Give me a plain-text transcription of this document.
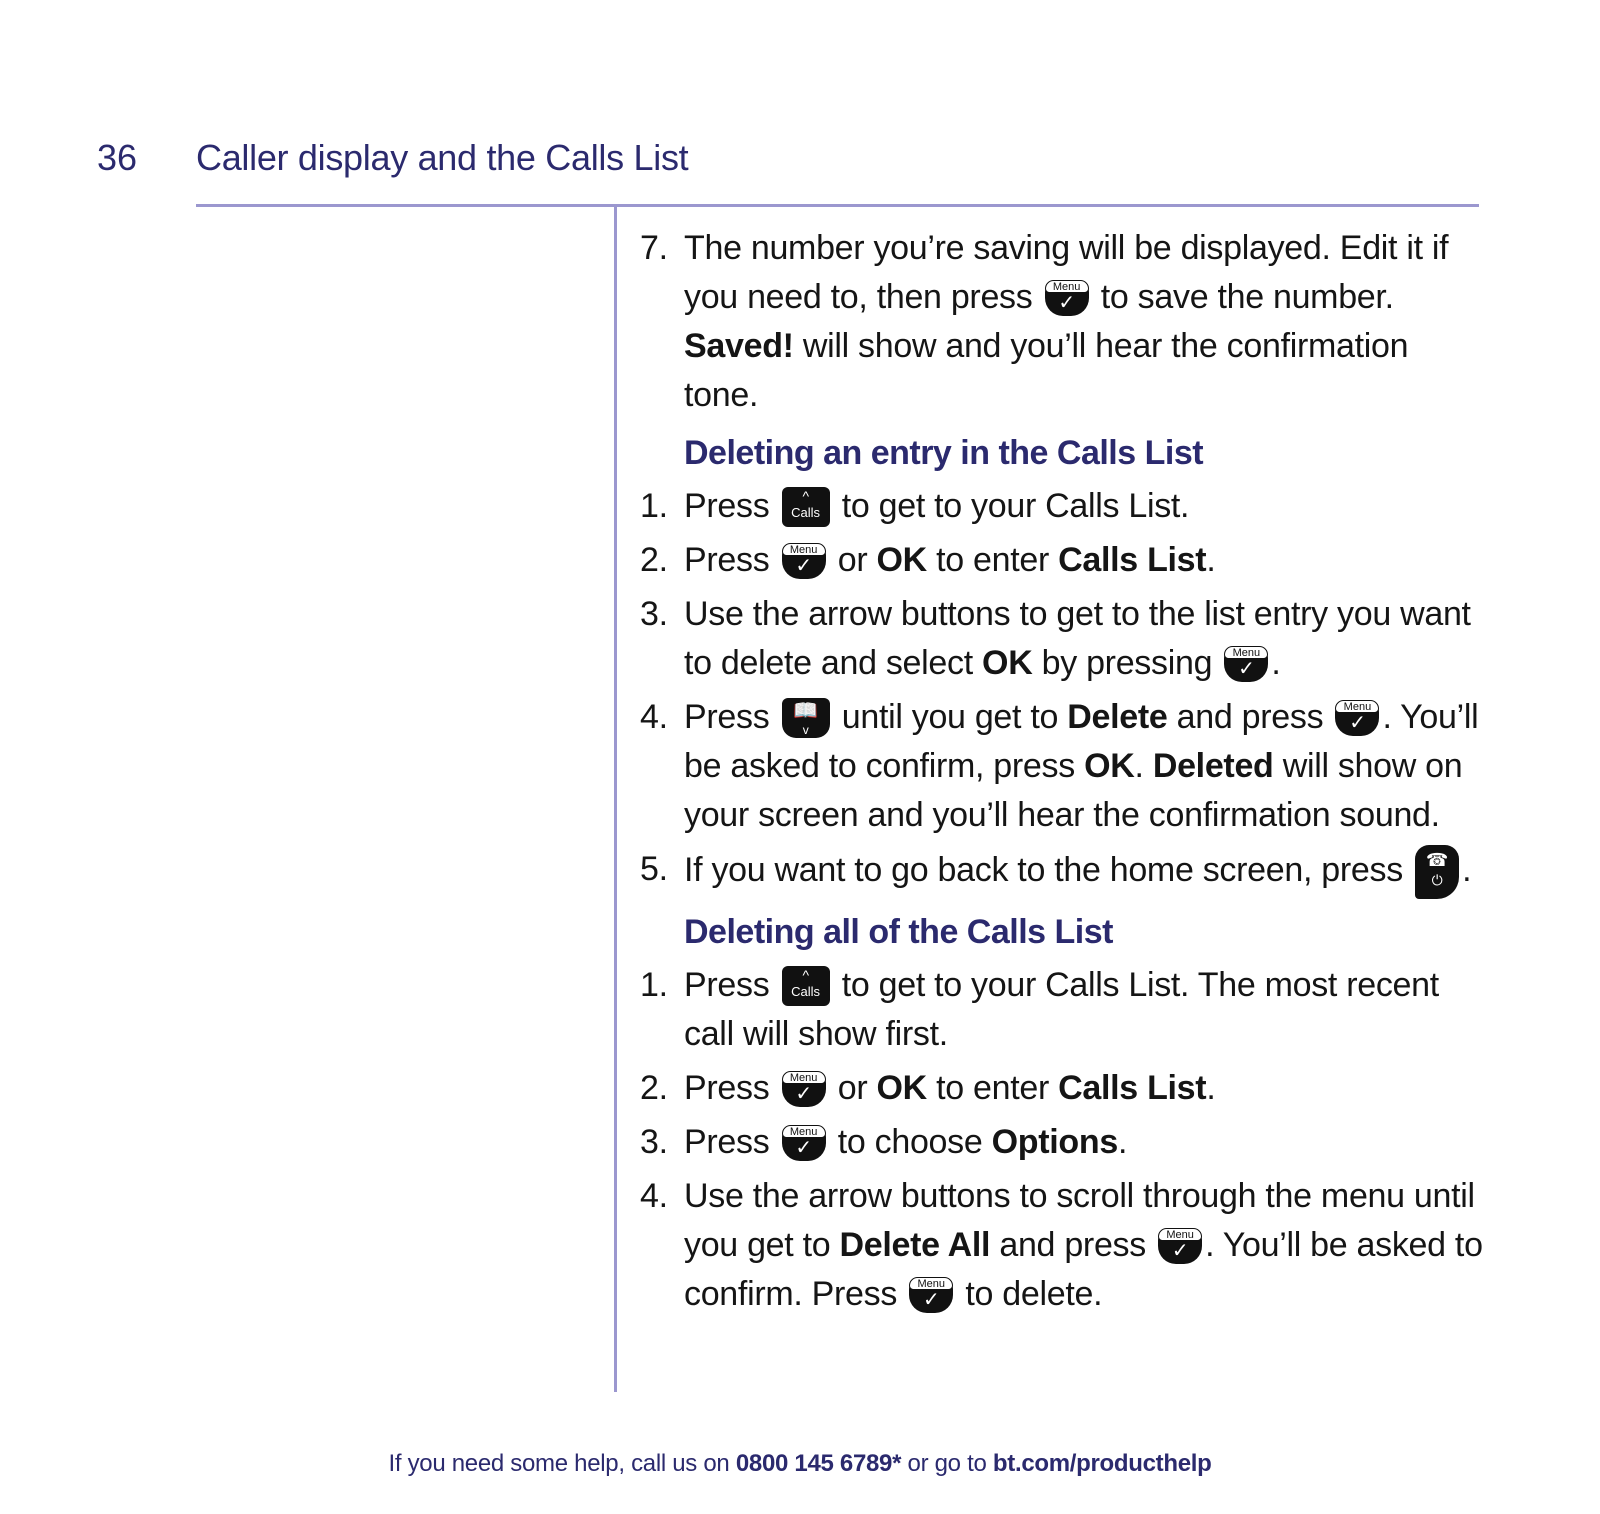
36 Caller display and the Calls List
7. The number you’re saving will be displayed. Edit it if you need to, then press	Menu
✓ to save the number. Saved! will show and you’ll hear the confirmation tone.
Deleting an entry in the Calls List
1. Press	^
Calls to get to your Calls List.
2. Press	Menu
✓ or OK to enter Calls List.
3. Use the arrow buttons to get to the list entry you want to delete and select OK by pressing	Menu
✓ .
4. Press	📖
v until you get to Delete and press	Menu
✓ . You’ll be asked to confirm, press OK. Deleted will show on your screen and you’ll hear the confirmation sound.
5. If you want to go back to the home screen, press	☎
⏻ .
Deleting all of the Calls List
1. Press	^
Calls to get to your Calls List. The most recent call will show first.
2. Press	Menu
✓ or OK to enter Calls List.
3. Press	Menu
✓ to choose Options.
4. Use the arrow buttons to scroll through the menu until you get to Delete All and press	Menu
✓ . You’ll be asked to confirm. Press	Menu
✓ to delete.
If you need some help, call us on 0800 145 6789* or go to bt.com/producthelp
